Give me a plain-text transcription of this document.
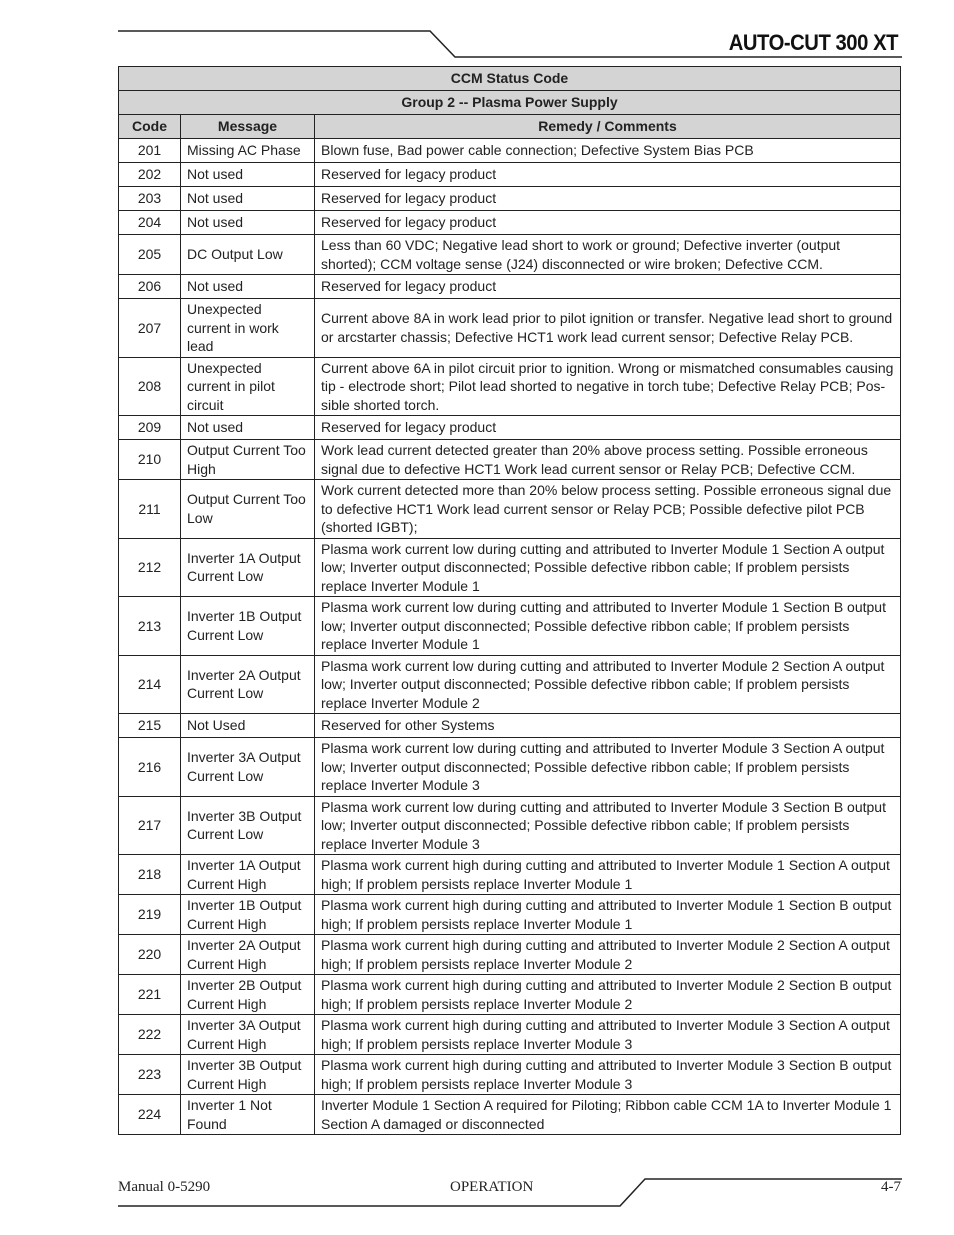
AUTO-CUT 300 XT
CCM Status Code		
Group 2 -- Plasma Power Supply		
Code	Message	Remedy / Comments
201	Missing AC Phase	Blown fuse, Bad power cable connection; Defective System Bias PCB
202	Not used	Reserved for legacy product
203	Not used	Reserved for legacy product
204	Not used	Reserved for legacy product
205	DC Output Low	Less than 60 VDC; Negative lead short to work or ground; Defective inverter (output shorted); CCM voltage sense (J24) disconnected or wire broken; Defective CCM.
206	Not used	Reserved for legacy product
207	Unexpected current in work lead	Current above 8A in work lead prior to pilot ignition or transfer. Negative lead short to ground or arcstarter chassis; Defective HCT1 work lead current sensor; Defective Relay PCB.
208	Unexpected current in pilot circuit	Current above 6A in pilot circuit prior to ignition. Wrong or mismatched consumables causing tip - electrode short; Pilot lead shorted to negative in torch tube; Defective Relay PCB; Pos-sible shorted torch.
209	Not used	Reserved for legacy product
210	Output Current Too High	Work lead current detected greater than 20% above process setting. Possible erroneous signal due to defective HCT1 Work lead current sensor or Relay PCB; Defective CCM.
211	Output Current Too Low	Work current detected more than 20% below process setting. Possible erroneous signal due to defective HCT1 Work lead current sensor or Relay PCB; Possible defective pilot PCB (shorted IGBT);
212	Inverter 1A Output Current Low	Plasma work current low during cutting and attributed to Inverter Module 1 Section A output low; Inverter output disconnected; Possible defective ribbon cable; If problem persists replace Inverter Module 1
213	Inverter 1B Output Current Low	Plasma work current low during cutting and attributed to Inverter Module 1 Section B output low; Inverter output disconnected; Possible defective ribbon cable; If problem persists replace Inverter Module 1
214	Inverter 2A Output Current Low	Plasma work current low during cutting and attributed to Inverter Module 2 Section A output low; Inverter output disconnected; Possible defective ribbon cable; If problem persists replace Inverter Module 2
215	Not Used	Reserved for other Systems
216	Inverter 3A Output Current Low	Plasma work current low during cutting and attributed to Inverter Module 3 Section A output low; Inverter output disconnected; Possible defective ribbon cable; If problem persists replace Inverter Module 3
217	Inverter 3B Output Current Low	Plasma work current low during cutting and attributed to Inverter Module 3 Section B output low; Inverter output disconnected; Possible defective ribbon cable; If problem persists replace Inverter Module 3
218	Inverter 1A Output Current High	Plasma work current high during cutting and attributed to Inverter Module 1 Section A output high; If problem persists replace Inverter Module 1
219	Inverter 1B Output Current High	Plasma work current high during cutting and attributed to Inverter Module 1 Section B output high; If problem persists replace Inverter Module 1
220	Inverter 2A Output Current High	Plasma work current high during cutting and attributed to Inverter Module 2 Section A output high; If problem persists replace Inverter Module 2
221	Inverter 2B Output Current High	Plasma work current high during cutting and attributed to Inverter Module 2 Section B output high; If problem persists replace Inverter Module 2
222	Inverter 3A Output Current High	Plasma work current high during cutting and attributed to Inverter Module 3 Section A output high; If problem persists replace Inverter Module 3
223	Inverter 3B Output Current High	Plasma work current high during cutting and attributed to Inverter Module 3 Section B output high; If problem persists replace Inverter Module 3
224	Inverter 1 Not Found	Inverter Module 1 Section A required for Piloting; Ribbon cable CCM 1A to Inverter Module 1 Section A damaged or disconnected
Manual 0-5290	OPERATION	4-7
